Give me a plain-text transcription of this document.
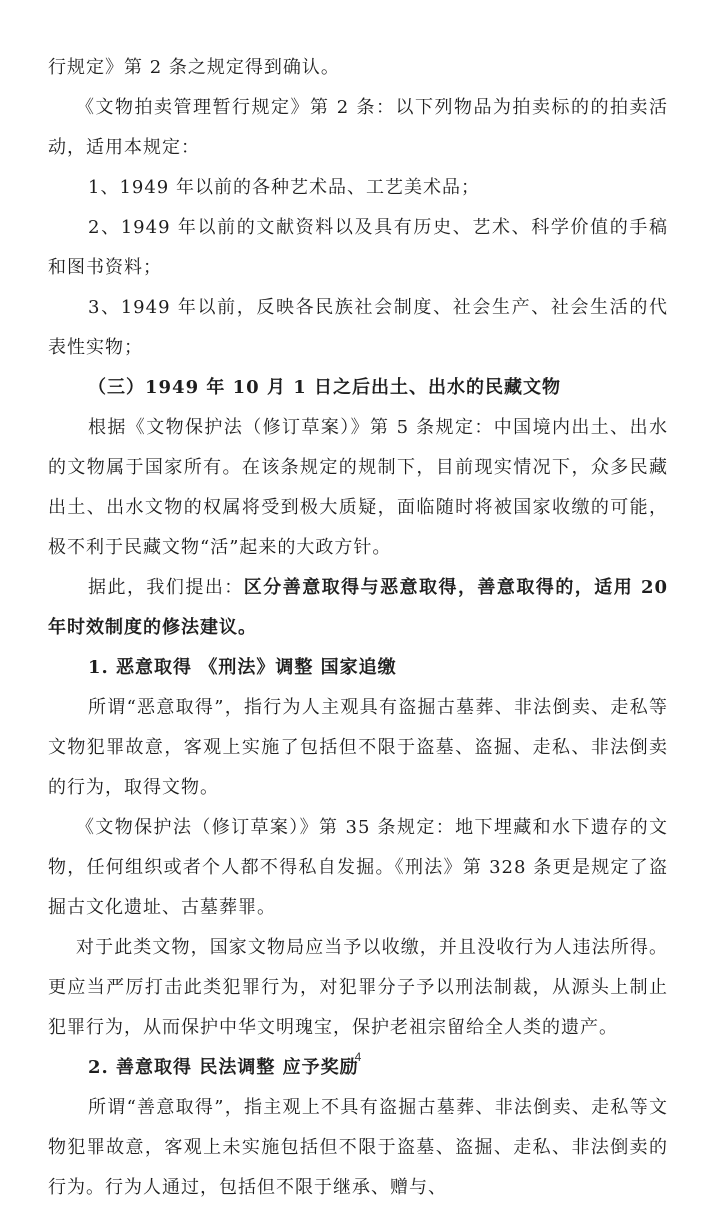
行规定》第 2 条之规定得到确认。

《文物拍卖管理暂行规定》第 2 条：以下列物品为拍卖标的的拍卖活动，适用本规定：

1、1949 年以前的各种艺术品、工艺美术品；

2、1949 年以前的文献资料以及具有历史、艺术、科学价值的手稿和图书资料；

3、1949 年以前，反映各民族社会制度、社会生产、社会生活的代表性实物；

（三）1949 年 10 月 1 日之后出土、出水的民藏文物

根据《文物保护法（修订草案）》第 5 条规定：中国境内出土、出水的文物属于国家所有。在该条规定的规制下，目前现实情况下，众多民藏出土、出水文物的权属将受到极大质疑，面临随时将被国家收缴的可能，极不利于民藏文物“活”起来的大政方针。

据此，我们提出：区分善意取得与恶意取得，善意取得的，适用 20 年时效制度的修法建议。

1. 恶意取得 《刑法》调整 国家追缴

所谓“恶意取得”，指行为人主观具有盗掘古墓葬、非法倒卖、走私等文物犯罪故意，客观上实施了包括但不限于盗墓、盗掘、走私、非法倒卖的行为，取得文物。

《文物保护法（修订草案）》第 35 条规定：地下埋藏和水下遗存的文物，任何组织或者个人都不得私自发掘。《刑法》第 328 条更是规定了盗掘古文化遗址、古墓葬罪。

对于此类文物，国家文物局应当予以收缴，并且没收行为人违法所得。更应当严厉打击此类犯罪行为，对犯罪分子予以刑法制裁，从源头上制止犯罪行为，从而保护中华文明瑰宝，保护老祖宗留给全人类的遗产。

2. 善意取得 民法调整 应予奖励

所谓“善意取得”，指主观上不具有盗掘古墓葬、非法倒卖、走私等文物犯罪故意，客观上未实施包括但不限于盗墓、盗掘、走私、非法倒卖的行为。行为人通过，包括但不限于继承、赠与、

4
